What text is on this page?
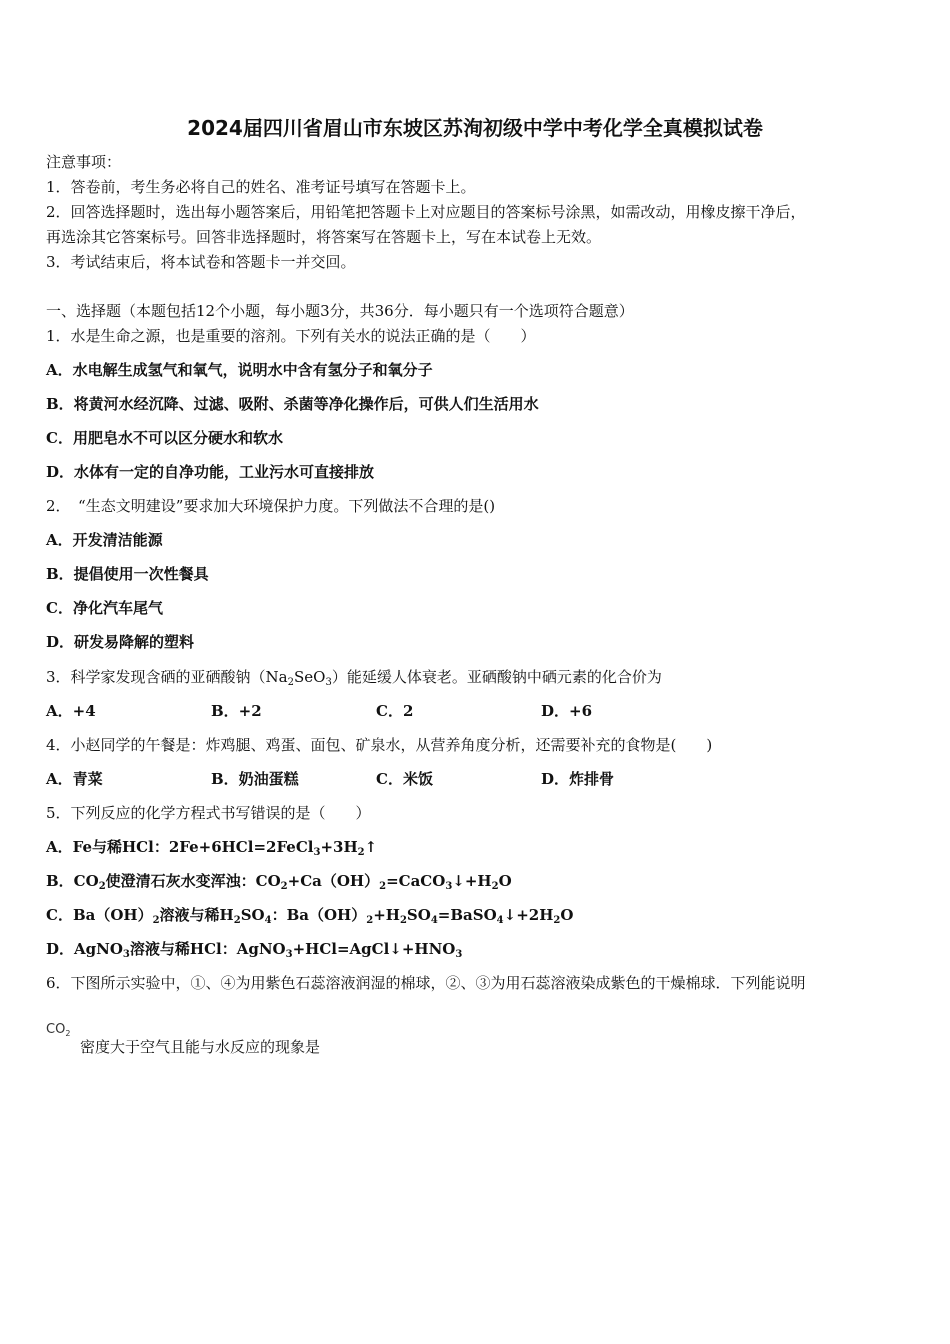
2024届四川省眉山市东坡区苏洵初级中学中考化学全真模拟试卷
注意事项：
1．答卷前，考生务必将自己的姓名、准考证号填写在答题卡上。
2．回答选择题时，选出每小题答案后，用铅笔把答题卡上对应题目的答案标号涂黑，如需改动，用橡皮擦干净后，
再选涂其它答案标号。回答非选择题时，将答案写在答题卡上，写在本试卷上无效。
3．考试结束后，将本试卷和答题卡一并交回。
一、选择题（本题包括12个小题，每小题3分，共36分．每小题只有一个选项符合题意）
1．水是生命之源，也是重要的溶剂。下列有关水的说法正确的是（　　）
A．水电解生成氢气和氧气，说明水中含有氢分子和氧分子
B．将黄河水经沉降、过滤、吸附、杀菌等净化操作后，可供人们生活用水
C．用肥皂水不可以区分硬水和软水
D．水体有一定的自净功能，工业污水可直接排放
2．　“生态文明建设”要求加大环境保护力度。下列做法不合理的是()
A．开发清洁能源
B．提倡使用一次性餐具
C．净化汽车尾气
D．研发易降解的塑料
3．科学家发现含硒的亚硒酸钠$(Na_2SeO_3)$能延缓人体衰老。亚硒酸钠中硒元素的化合价为
A．+4	B．+2	C．2	D．+6
4．小赵同学的午餐是：炸鸡腿、鸡蛋、面包、矿泉水，从营养角度分析，还需要补充的食物是(　　)
A．青菜	B．奶油蛋糕	C．米饭	D．炸排骨
5．下列反应的化学方程式书写错误的是（　　）
A．Fe与稀HCl：$2Fe+6HCl=2FeCl_3+3H_2↑$
B．$CO_2$使澄清石灰水变浑浊：$CO_2+Ca(OH)_2=CaCO_3↓+H_2O$
C．$Ba(OH)_2$溶液与稀$H_2SO_4$：$Ba(OH)_2+H_2SO_4=BaSO_4↓+2H_2O$
D．AgNO$_3$溶液与稀HCl：$AgNO_3+HCl=AgCl↓+HNO_3$
6．下图所示实验中，①、④为用紫色石蕊溶液润湿的棉球，②、③为用石蕊溶液染成紫色的干燥棉球．下列能说明
$CO_2$
密度大于空气且能与水反应的现象是
